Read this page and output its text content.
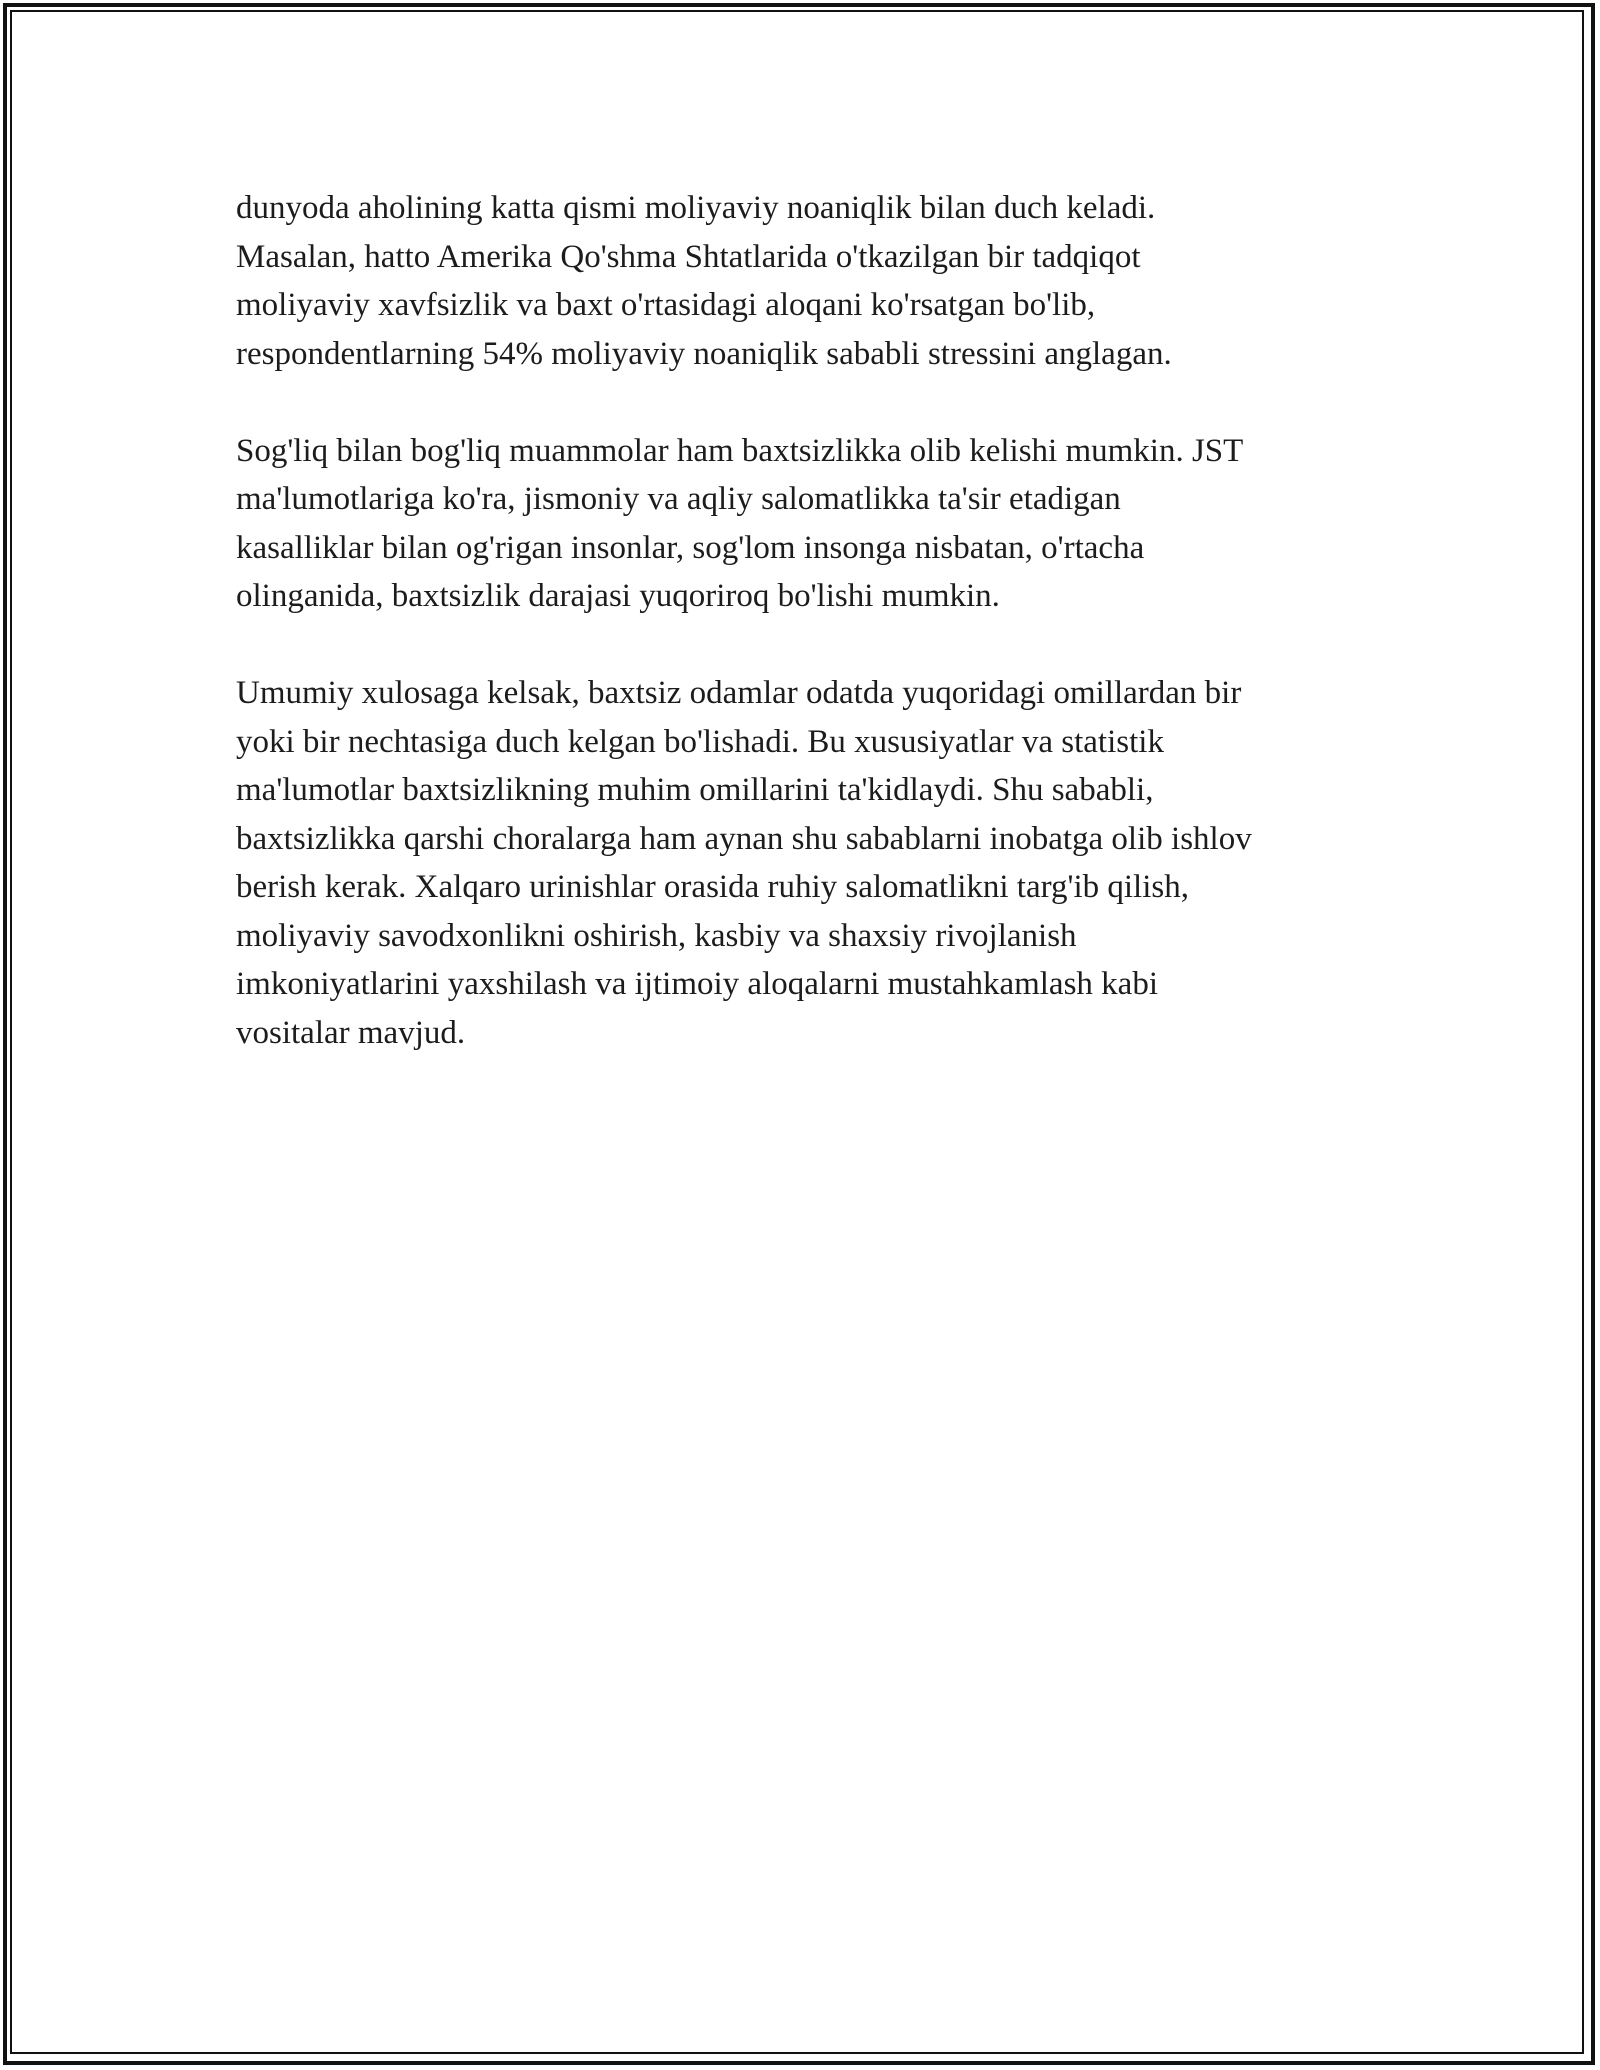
dunyoda aholining katta qismi moliyaviy noaniqlik bilan duch keladi.
Masalan, hatto Amerika Qo'shma Shtatlarida o'tkazilgan bir tadqiqot
moliyaviy xavfsizlik va baxt o'rtasidagi aloqani ko'rsatgan bo'lib,
respondentlarning 54% moliyaviy noaniqlik sababli stressini anglagan.

Sog'liq bilan bog'liq muammolar ham baxtsizlikka olib kelishi mumkin. JST
ma'lumotlariga ko'ra, jismoniy va aqliy salomatlikka ta'sir etadigan
kasalliklar bilan og'rigan insonlar, sog'lom insonga nisbatan, o'rtacha
olinganida, baxtsizlik darajasi yuqoriroq bo'lishi mumkin.

Umumiy xulosaga kelsak, baxtsiz odamlar odatda yuqoridagi omillardan bir
yoki bir nechtasiga duch kelgan bo'lishadi. Bu xususiyatlar va statistik
ma'lumotlar baxtsizlikning muhim omillarini ta'kidlaydi. Shu sababli,
baxtsizlikka qarshi choralarga ham aynan shu sabablarni inobatga olib ishlov
berish kerak. Xalqaro urinishlar orasida ruhiy salomatlikni targ'ib qilish,
moliyaviy savodxonlikni oshirish, kasbiy va shaxsiy rivojlanish
imkoniyatlarini yaxshilash va ijtimoiy aloqalarni mustahkamlash kabi
vositalar mavjud.
